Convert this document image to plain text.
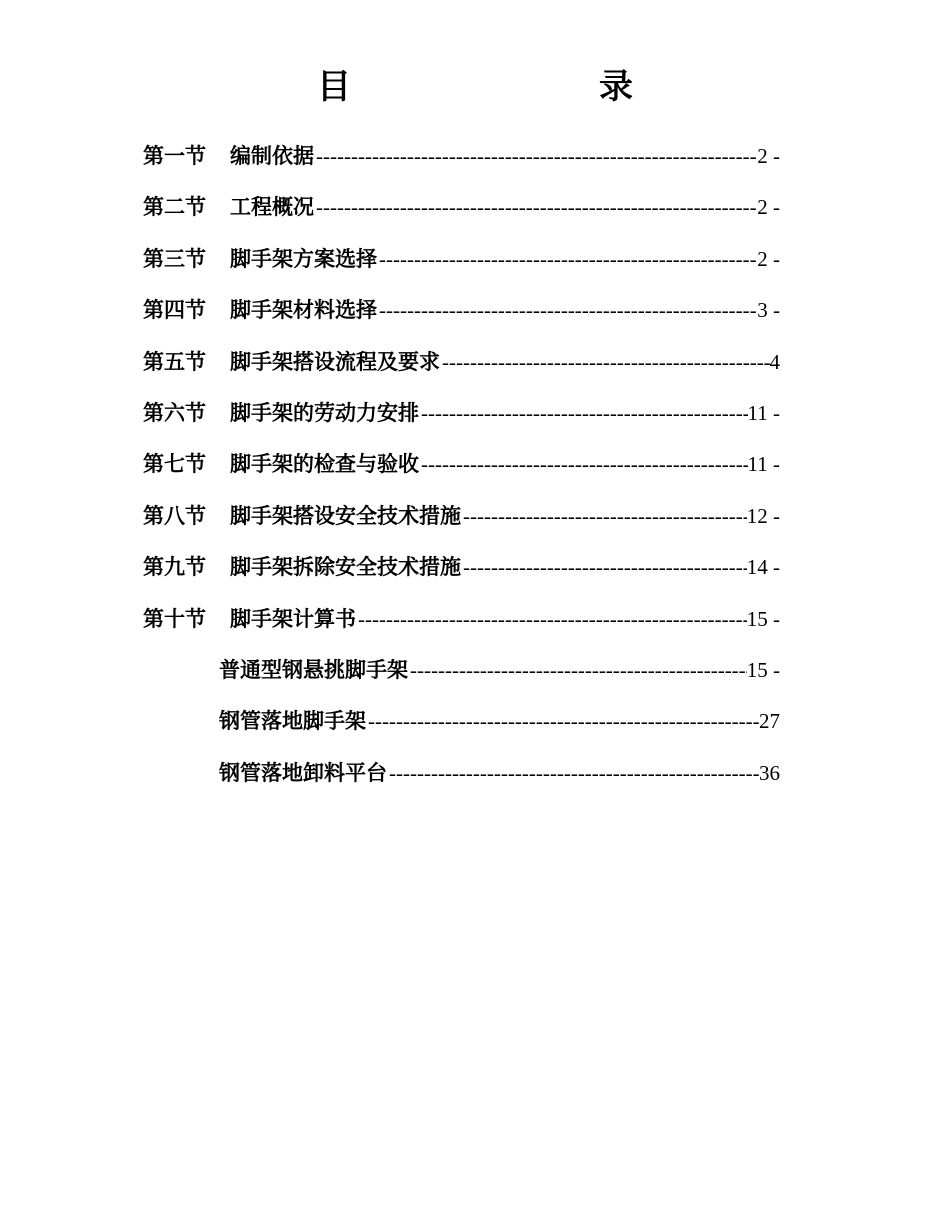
目　　录
第一节	编制依据 -----	2 -
第二节	工程概况 -----	2 -
第三节	脚手架方案选择 -----	2 -
第四节	脚手架材料选择 -----	3 -
第五节	脚手架搭设流程及要求 -----	4
第六节	脚手架的劳动力安排 -----	11 -
第七节	脚手架的检查与验收 -----	11 -
第八节	脚手架搭设安全技术措施 -----	12 -
第九节	脚手架拆除安全技术措施 -----	14 -
第十节	脚手架计算书 -----	15 -
普通型钢悬挑脚手架 -----	15 -
钢管落地脚手架 -----	27
钢管落地卸料平台 -----	36
